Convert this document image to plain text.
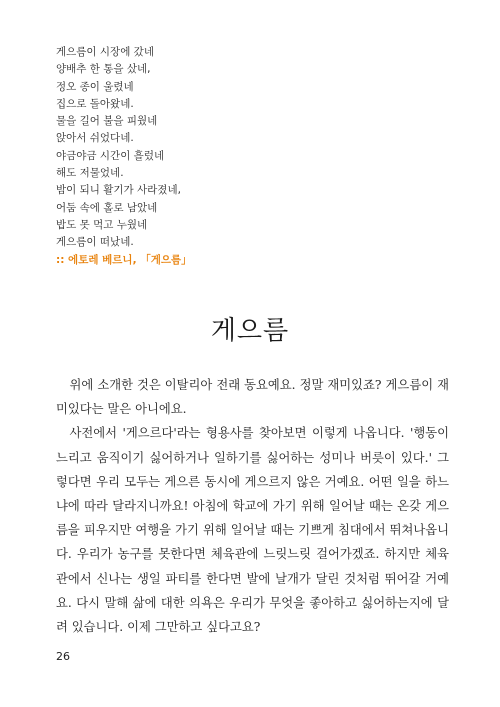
게으름이 시장에 갔네
양배추 한 통을 샀네,
정오 종이 울렸네
집으로 돌아왔네.
물을 길어 불을 피웠네
앉아서 쉬었다네.
야금야금 시간이 흘렀네
해도 저물었네.
밤이 되니 활기가 사라졌네,
어둠 속에 홀로 남았네
밥도 못 먹고 누웠네
게으름이 떠났네.
:: 에토레 베르니, 「게으름」
게으름

위에 소개한 것은 이탈리아 전래 동요예요. 정말 재미있죠? 게으름이 재미있다는 말은 아니에요.

사전에서 '게으르다'라는 형용사를 찾아보면 이렇게 나옵니다. '행동이 느리고 움직이기 싫어하거나 일하기를 싫어하는 성미나 버릇이 있다.' 그렇다면 우리 모두는 게으른 동시에 게으르지 않은 거예요. 어떤 일을 하느냐에 따라 달라지니까요! 아침에 학교에 가기 위해 일어날 때는 온갖 게으름을 피우지만 여행을 가기 위해 일어날 때는 기쁘게 침대에서 뛰쳐나옵니다. 우리가 농구를 못한다면 체육관에 느릿느릿 걸어가겠죠. 하지만 체육관에서 신나는 생일 파티를 한다면 발에 날개가 달린 것처럼 뛰어갈 거예요. 다시 말해 삶에 대한 의욕은 우리가 무엇을 좋아하고 싫어하는지에 달려 있습니다. 이제 그만하고 싶다고요?

26
